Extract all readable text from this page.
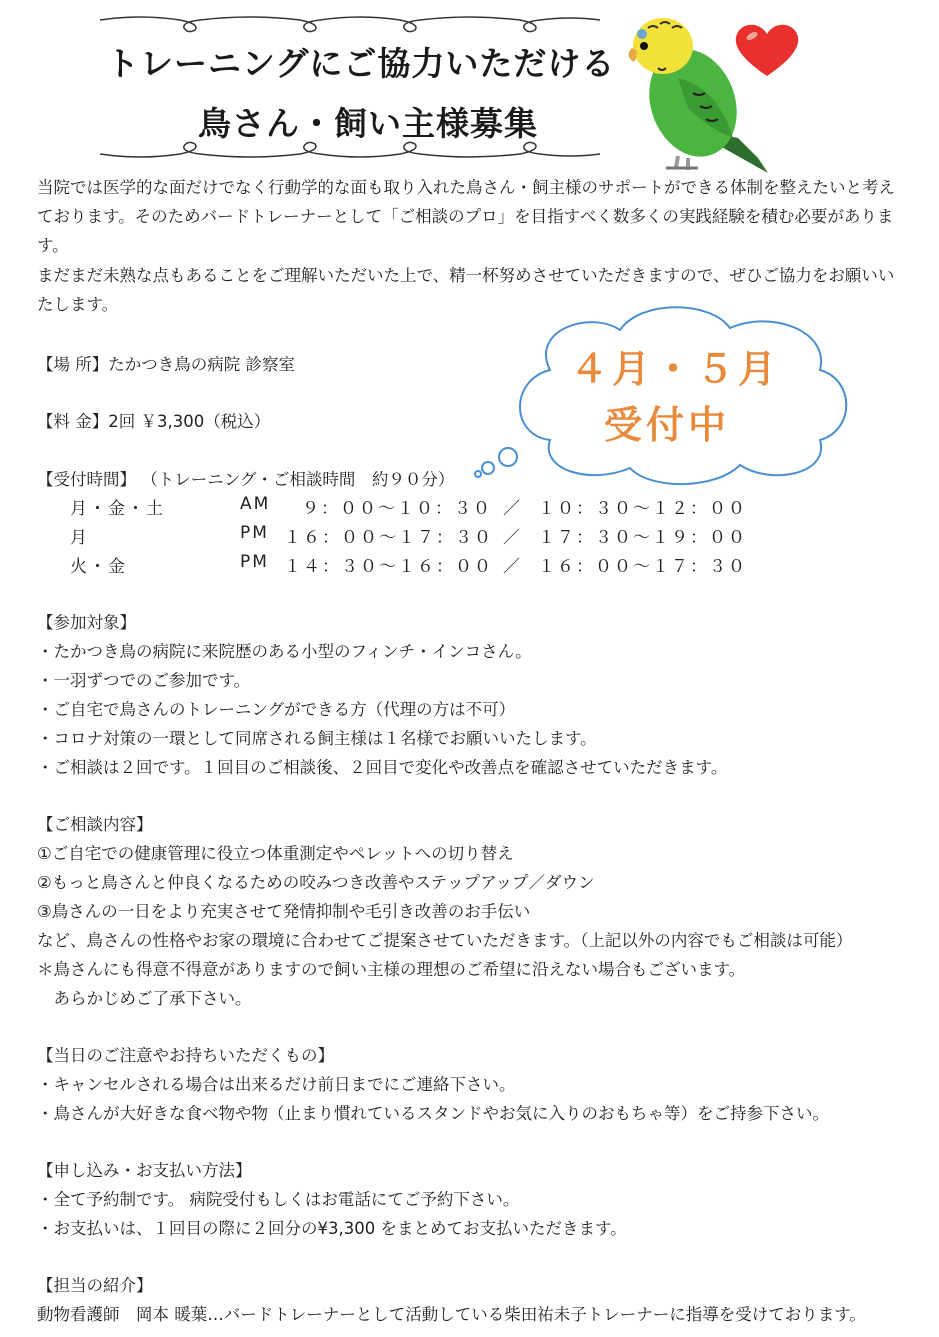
トレーニングにご協力いただける
鳥さん・飼い主様募集
当院では医学的な面だけでなく行動学的な面も取り入れた鳥さん・飼主様のサポートができる体制を整えたいと考えております。そのためバードトレーナーとして「ご相談のプロ」を目指すべく数多くの実践経験を積む必要があります。
まだまだ未熟な点もあることをご理解いただいた上で、精一杯努めさせていただきますので、ぜひご協力をお願いいたします。
４月・５月
受付中
【場 所】たかつき鳥の病院 診察室
【料 金】2回 ￥3,300（税込）
【受付時間】 （トレーニング・ご相談時間　約９０分）
月・金・土	AM ９：００〜１０：３０ ／ １０：３０〜１２：００
月	PM １６：００〜１７：３０ ／ １７：３０〜１９：００
火・金	PM １４：３０〜１６：００ ／ １６：００〜１７：３０
【参加対象】
・たかつき鳥の病院に来院歴のある小型のフィンチ・インコさん。
・一羽ずつでのご参加です。
・ご自宅で鳥さんのトレーニングができる方（代理の方は不可）
・コロナ対策の一環として同席される飼主様は１名様でお願いいたします。
・ご相談は２回です。１回目のご相談後、２回目で変化や改善点を確認させていただきます。
【ご相談内容】
①ご自宅での健康管理に役立つ体重測定やペレットへの切り替え
②もっと鳥さんと仲良くなるための咬みつき改善やステップアップ／ダウン
③鳥さんの一日をより充実させて発情抑制や毛引き改善のお手伝い
など、鳥さんの性格やお家の環境に合わせてご提案させていただきます。（上記以外の内容でもご相談は可能）
＊鳥さんにも得意不得意がありますので飼い主様の理想のご希望に沿えない場合もございます。
　あらかじめご了承下さい。
【当日のご注意やお持ちいただくもの】
・キャンセルされる場合は出来るだけ前日までにご連絡下さい。
・鳥さんが大好きな食べ物や物（止まり慣れているスタンドやお気に入りのおもちゃ等）をご持参下さい。
【申し込み・お支払い方法】
・全て予約制です。 病院受付もしくはお電話にてご予約下さい。
・お支払いは、１回目の際に２回分の¥3,300 をまとめてお支払いただきます。
【担当の紹介】
動物看護師　岡本 暖葉…バードトレーナーとして活動している柴田祐未子トレーナーに指導を受けております。
